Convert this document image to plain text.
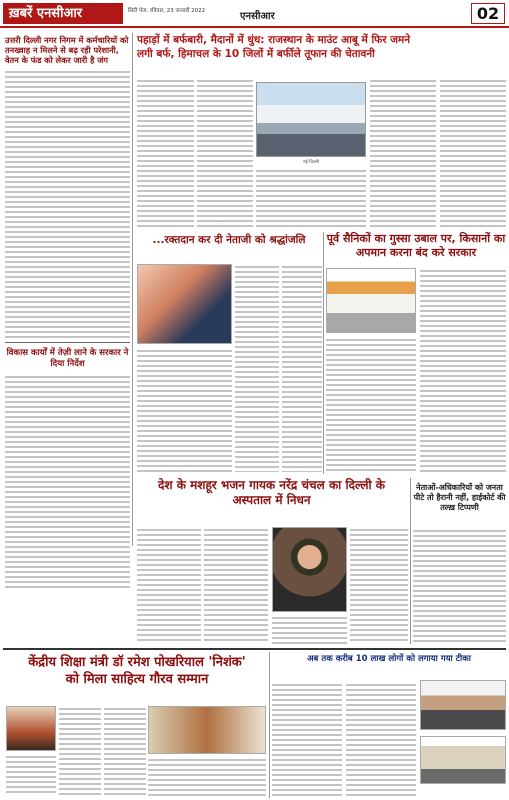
ख़बरें एनसीआर	सिटी पेज, रविवार, 23 जनवरी 2022	एनसीआर	02
उत्तरी दिल्ली नगर निगम में कर्मचारियों को तनख्वाह न मिलने से बढ़ रही परेशानी, वेतन के फंड को लेकर जारी है जंग
विकास कार्यों में तेज़ी लाने के सरकार ने दिया निर्देश
पहाड़ों में बर्फबारी, मैदानों में धुंध: राजस्थान के माउंट आबू में फिर जमने
लगी बर्फ, हिमाचल के 10 जिलों में बर्फीले तूफान की चेतावनी
नई दिल्ली
...रक्तदान कर दी नेताजी को श्रद्धांजलि	पूर्व सैनिकों का गुस्सा उबाल पर, किसानों का अपमान करना बंद करे सरकार
देश के मशहूर भजन गायक नरेंद्र चंचल का दिल्ली के अस्पताल में निधन
नेताओं-अधिकारियों को जनता पीटे तो हैरानी नहीं, हाईकोर्ट की तल्ख़ टिप्पणी
केंद्रीय शिक्षा मंत्री डॉ रमेश पोखरियाल 'निशंक'
को मिला साहित्य गौरव सम्मान
अब तक करीब 10 लाख लोगों को लगाया गया टीका
